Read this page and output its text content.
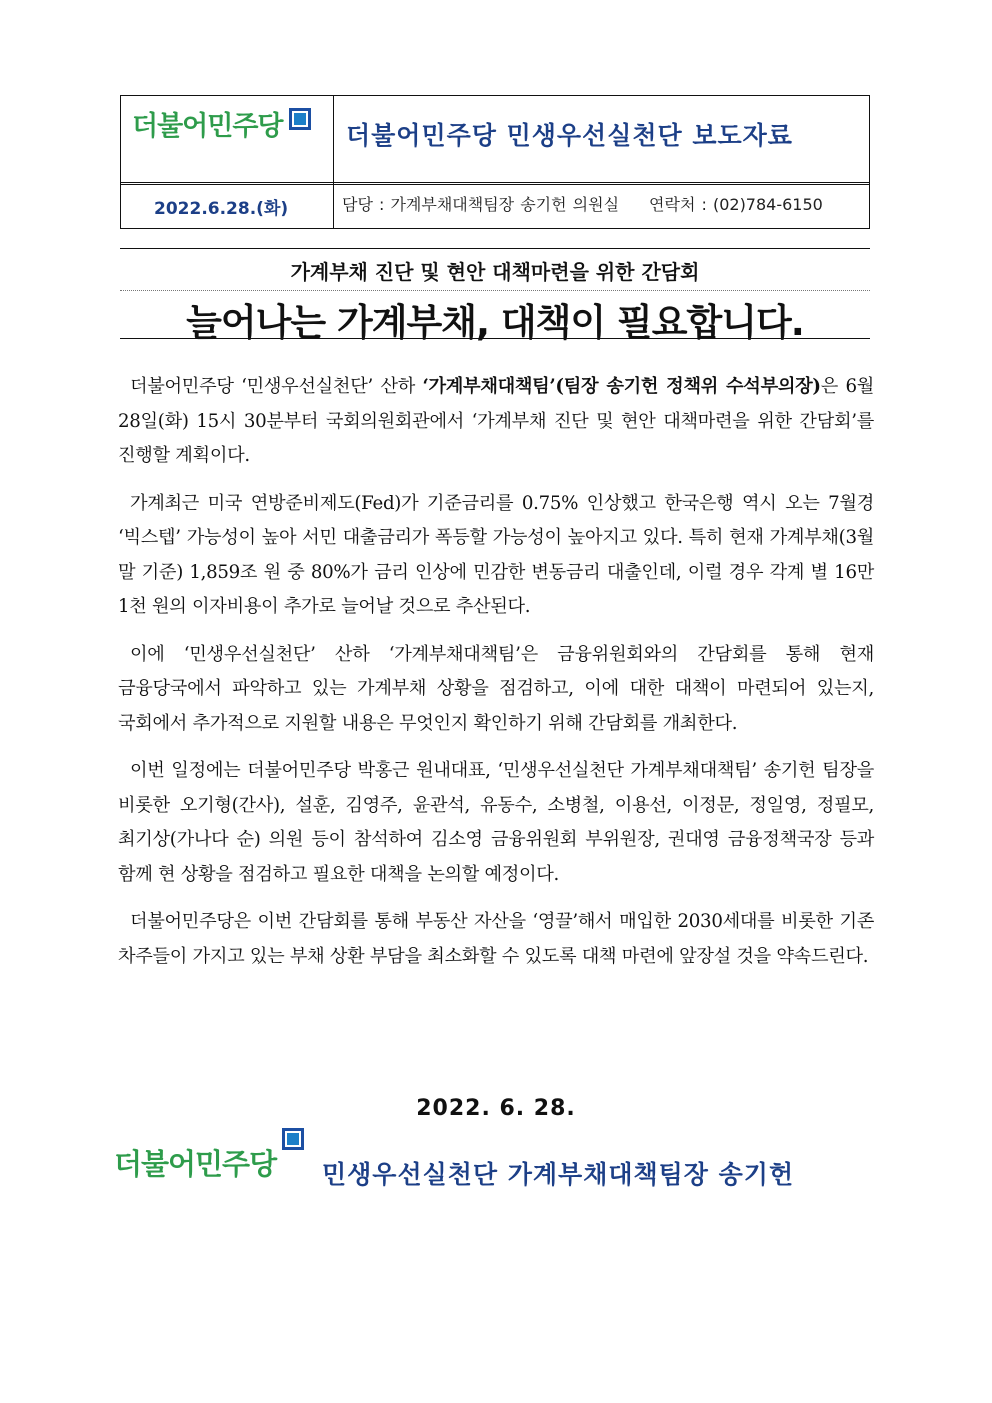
더불어민주당	더불어민주당 민생우선실천단 보도자료
2022.6.28.(화)	담당 : 가계부채대책팀장 송기헌 의원실 연락처 : (02)784-6150
가계부채 진단 및 현안 대책마련을 위한 간담회
늘어나는 가계부채, 대책이 필요합니다.

더불어민주당 ‘민생우선실천단’ 산하 ‘가계부채대책팀’(팀장 송기헌 정책위 수석부의장)은 6월 28일(화) 15시 30분부터 국회의원회관에서 ‘가계부채 진단 및 현안 대책마련을 위한 간담회’를 진행할 계획이다.

가계최근 미국 연방준비제도(Fed)가 기준금리를 0.75% 인상했고 한국은행 역시 오는 7월경 ‘빅스텝’ 가능성이 높아 서민 대출금리가 폭등할 가능성이 높아지고 있다. 특히 현재 가계부채(3월 말 기준) 1,859조 원 중 80%가 금리 인상에 민감한 변동금리 대출인데, 이럴 경우 각계 별 16만 1천 원의 이자비용이 추가로 늘어날 것으로 추산된다.

이에 ‘민생우선실천단’ 산하 ‘가계부채대책팀’은 금융위원회와의 간담회를 통해 현재 금융당국에서 파악하고 있는 가계부채 상황을 점검하고, 이에 대한 대책이 마련되어 있는지, 국회에서 추가적으로 지원할 내용은 무엇인지 확인하기 위해 간담회를 개최한다.

이번 일정에는 더불어민주당 박홍근 원내대표, ‘민생우선실천단 가계부채대책팀’ 송기헌 팀장을 비롯한 오기형(간사), 설훈, 김영주, 윤관석, 유동수, 소병철, 이용선, 이정문, 정일영, 정필모, 최기상(가나다 순) 의원 등이 참석하여 김소영 금융위원회 부위원장, 권대영 금융정책국장 등과 함께 현 상황을 점검하고 필요한 대책을 논의할 예정이다.

더불어민주당은 이번 간담회를 통해 부동산 자산을 ‘영끌’해서 매입한 2030세대를 비롯한 기존 차주들이 가지고 있는 부채 상환 부담을 최소화할 수 있도록 대책 마련에 앞장설 것을 약속드린다.

2022. 6. 28.
더불어민주당 민생우선실천단 가계부채대책팀장 송기헌
